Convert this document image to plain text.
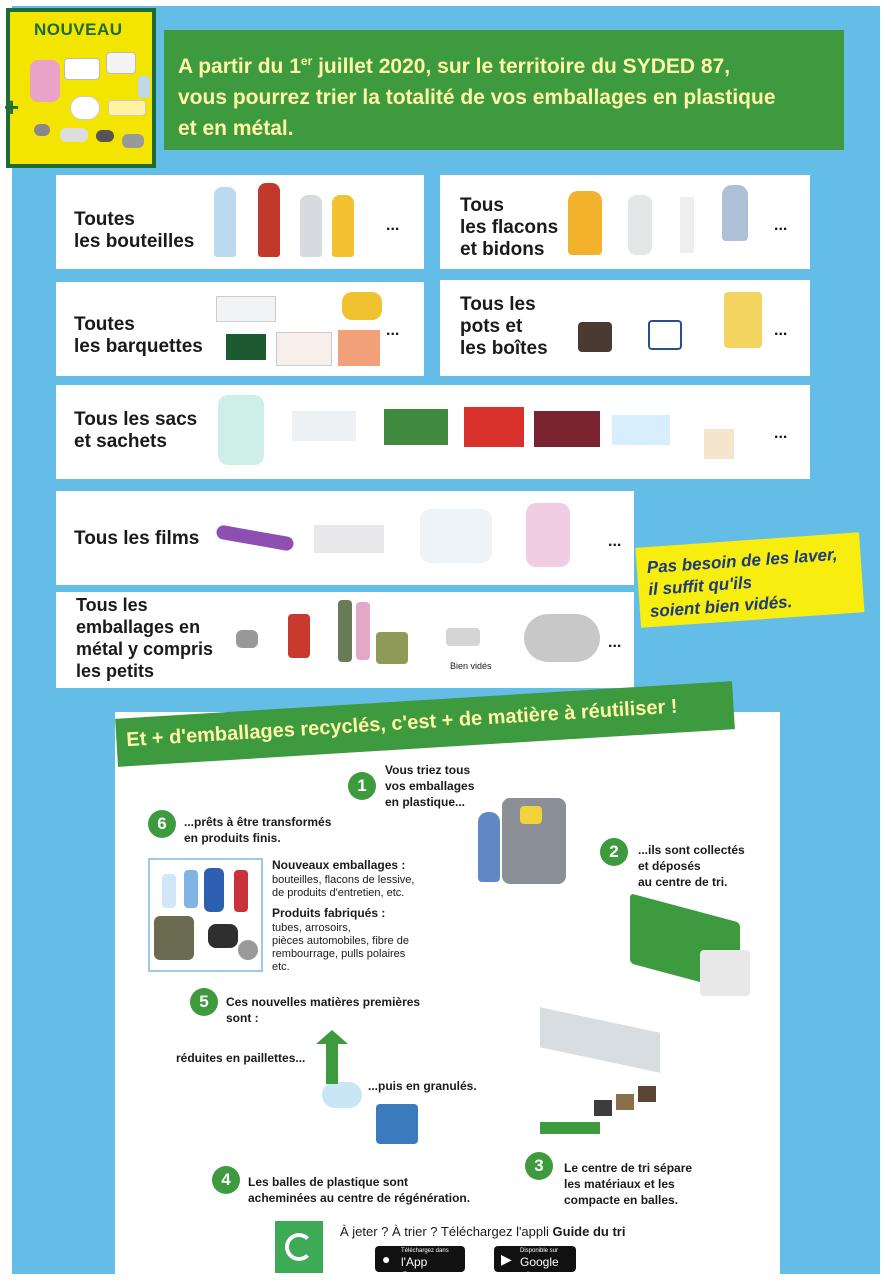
NOUVEAU
+
A partir du 1er juillet 2020, sur le territoire du SYDED 87,
vous pourrez trier la totalité de vos emballages en plastique
et en métal.
Toutes
les bouteilles
...
Tous
les flacons
et bidons
...
Toutes
les barquettes
...
Tous les
pots et
les boîtes
...
Tous les sacs
et sachets	...
Tous les films	...
Tous les
emballages en
métal y compris
les petits	Bien vidés
...
Pas besoin de les laver,
il suffit qu'ils
soient bien vidés.
Et + d'emballages recyclés, c'est + de matière à réutiliser !
1
Vous triez tous
vos emballages
en plastique...
2	...ils sont collectés
et déposés
au centre de tri.
3	Le centre de tri sépare
les matériaux et les
compacte en balles.
4	Les balles de plastique sont
acheminées au centre de régénération.
réduites en paillettes...
...puis en granulés.
5	Ces nouvelles matières premières
sont :
6	...prêts à être transformés
en produits finis.
Nouveaux emballages :
bouteilles, flacons de lessive,
de produits d'entretien, etc.
Produits fabriqués :
tubes, arrosoirs,
pièces automobiles, fibre de
rembourrage, pulls polaires
etc.
À jeter ? À trier ? Téléchargez l'appli Guide du tri
● Téléchargez dans
l'App Store
▶ Disponible sur
Google play
